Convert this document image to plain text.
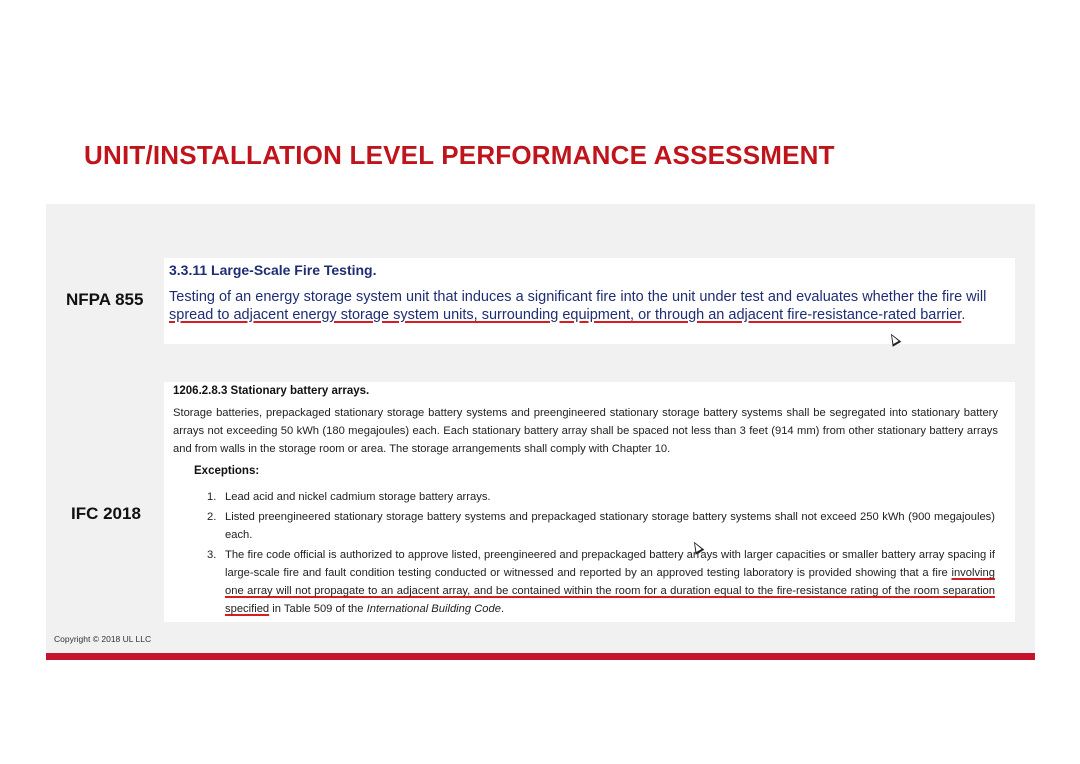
UNIT/INSTALLATION LEVEL PERFORMANCE ASSESSMENT
NFPA 855
3.3.11 Large-Scale Fire Testing.
Testing of an energy storage system unit that induces a significant fire into the unit under test and evaluates whether the fire will spread to adjacent energy storage system units, surrounding equipment, or through an adjacent fire-resistance-rated barrier.
IFC 2018
1206.2.8.3 Stationary battery arrays.
Storage batteries, prepackaged stationary storage battery systems and preengineered stationary storage battery systems shall be segregated into stationary battery arrays not exceeding 50 kWh (180 megajoules) each. Each stationary battery array shall be spaced not less than 3 feet (914 mm) from other stationary battery arrays and from walls in the storage room or area. The storage arrangements shall comply with Chapter 10.
Exceptions:
1. Lead acid and nickel cadmium storage battery arrays.
2. Listed preengineered stationary storage battery systems and prepackaged stationary storage battery systems shall not exceed 250 kWh (900 megajoules) each.
3. The fire code official is authorized to approve listed, preengineered and prepackaged battery arrays with larger capacities or smaller battery array spacing if large-scale fire and fault condition testing conducted or witnessed and reported by an approved testing laboratory is provided showing that a fire involving one array will not propagate to an adjacent array, and be contained within the room for a duration equal to the fire-resistance rating of the room separation specified in Table 509 of the International Building Code.
Copyright © 2018 UL LLC
